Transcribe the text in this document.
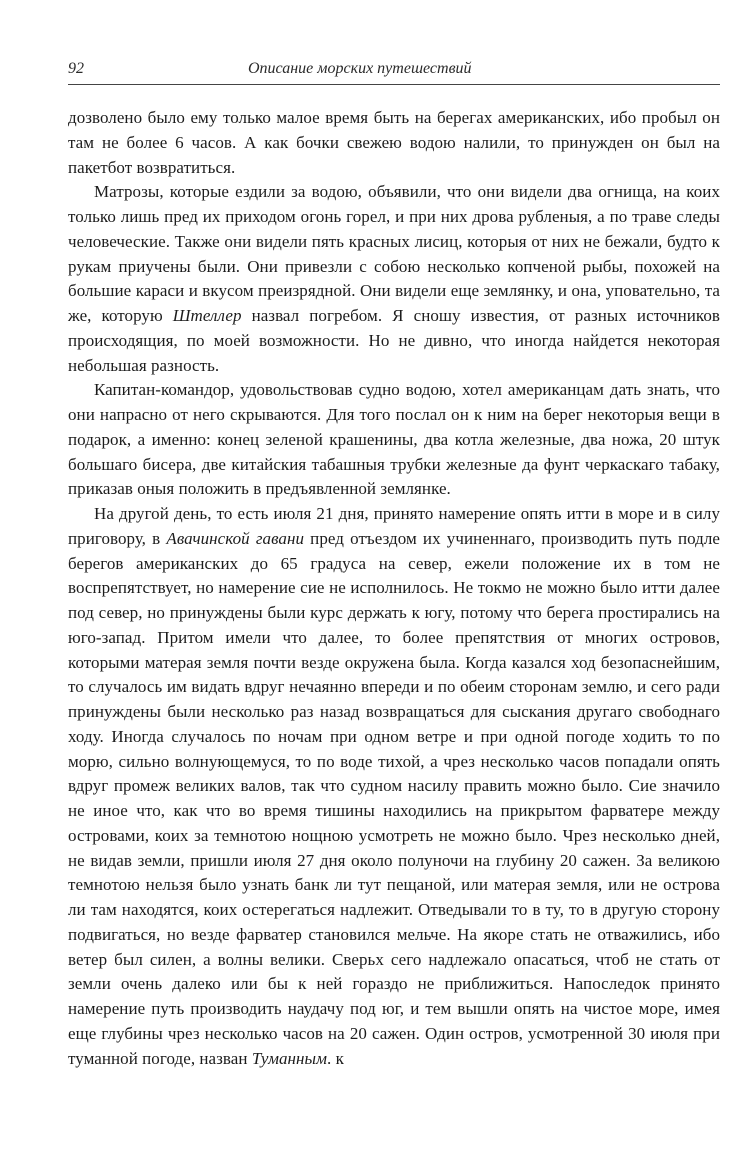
92	Описание морских путешествий

дозволено было ему только малое время быть на берегах американских, ибо пробыл он там не более 6 часов. А как бочки свежею водою налили, то принужден он был на пакетбот возвратиться.

Матрозы, которые ездили за водою, объявили, что они видели два огнища, на коих только лишь пред их приходом огонь горел, и при них дрова рубленыя, а по траве следы человеческие. Также они видели пять красных лисиц, которыя от них не бежали, будто к рукам приучены были. Они привезли с собою несколько копченой рыбы, похожей на большие караси и вкусом преизрядной. Они видели еще землянку, и она, уповательно, та же, которую Штеллер назвал погребом. Я сношу известия, от разных источников происходящия, по моей возможности. Но не дивно, что иногда найдется некоторая небольшая разность.

Капитан-командор, удовольствовав судно водою, хотел американцам дать знать, что они напрасно от него скрываются. Для того послал он к ним на берег некоторыя вещи в подарок, а именно: конец зеленой крашенины, два котла железные, два ножа, 20 штук большаго бисера, две китайския табашныя трубки железные да фунт черкаскаго табаку, приказав оныя положить в предъявленной землянке.

На другой день, то есть июля 21 дня, принято намерение опять итти в море и в силу приговору, в Авачинской гавани пред отъездом их учиненнаго, производить путь подле берегов американских до 65 градуса на север, ежели положение их в том не воспрепятствует, но намерение сие не исполнилось. Не токмо не можно было итти далее под север, но принуждены были курс держать к югу, потому что берега простирались на юго-запад. Притом имели что далее, то более препятствия от многих островов, которыми матерая земля почти везде окружена была. Когда казался ход безопаснейшим, то случалось им видать вдруг нечаянно впереди и по обеим сторонам землю, и сего ради принуждены были несколько раз назад возвращаться для сыскания другаго свободнаго ходу. Иногда случалось по ночам при одном ветре и при одной погоде ходить то по морю, сильно волнующемуся, то по воде тихой, а чрез несколько часов попадали опять вдруг промеж великих валов, так что судном насилу править можно было. Сие значило не иное что, как что во время тишины находились на прикрытом фарватере между островами, коих за темнотою нощною усмотреть не можно было. Чрез несколько дней, не видав земли, пришли июля 27 дня около полуночи на глубину 20 сажен. За великою темнотою нельзя было узнать банк ли тут пещаной, или матерая земля, или не острова ли там находятся, коих остерегаться надлежит. Отведывали то в ту, то в другую сторону подвигаться, но везде фарватер становился мельче. На якоре стать не отважились, ибо ветер был силен, а волны велики. Сверьх сего надлежало опасаться, чтоб не стать от земли очень далеко или бы к ней гораздо не приближиться. Напоследок принято намерение путь производить наудачу под юг, и тем вышли опять на чистое море, имея еще глубины чрез несколько часов на 20 сажен. Один остров, усмотренной 30 июля при туманной погоде, назван Туманным. к
